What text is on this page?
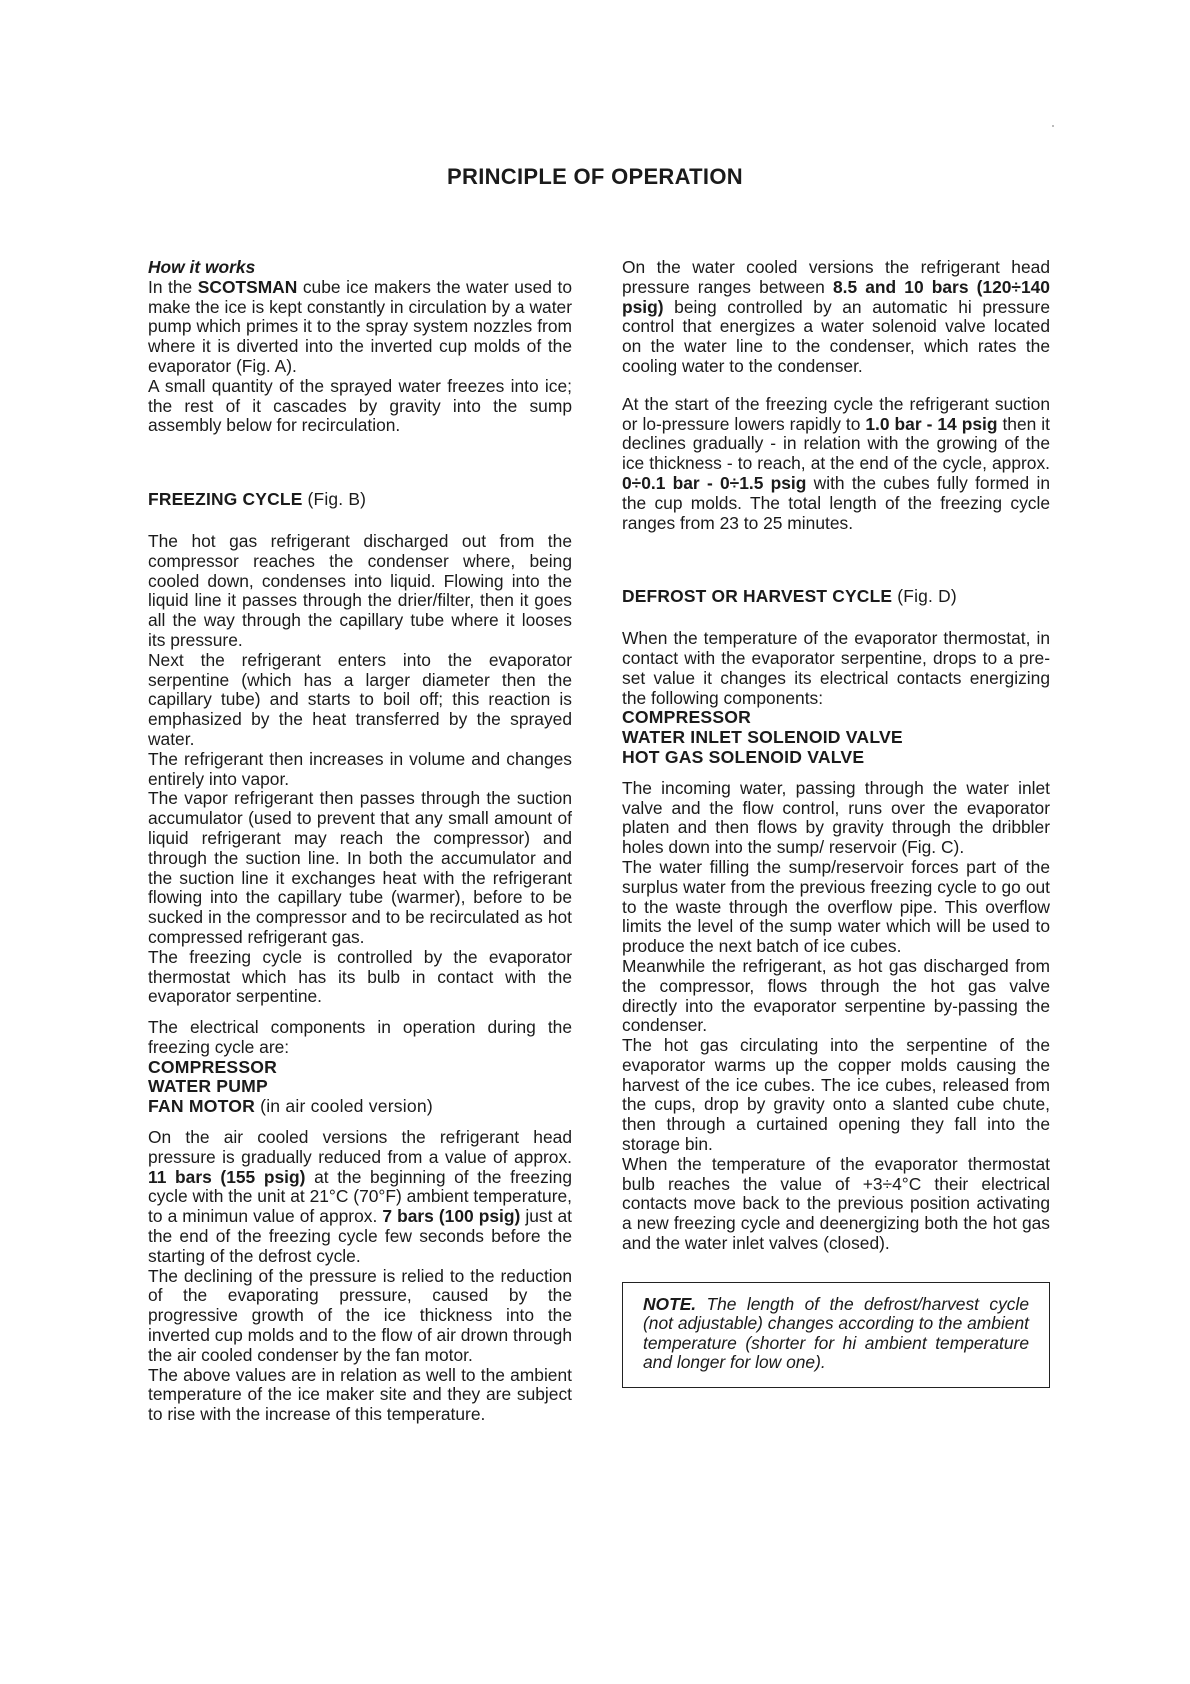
PRINCIPLE OF OPERATION

How it works

In the SCOTSMAN cube ice makers the water used to make the ice is kept constantly in circulation by a water pump which primes it to the spray system nozzles from where it is diverted into the inverted cup molds of the evaporator (Fig. A).

A small quantity of the sprayed water freezes into ice; the rest of it cascades by gravity into the sump assembly below for recirculation.

FREEZING CYCLE (Fig. B)

The hot gas refrigerant discharged out from the compressor reaches the condenser where, being cooled down, condenses into liquid. Flowing into the liquid line it passes through the drier/filter, then it goes all the way through the capillary tube where it looses its pressure.

Next the refrigerant enters into the evaporator serpentine (which has a larger diameter then the capillary tube) and starts to boil off; this reaction is emphasized by the heat transferred by the sprayed water.

The refrigerant then increases in volume and changes entirely into vapor.

The vapor refrigerant then passes through the suction accumulator (used to prevent that any small amount of liquid refrigerant may reach the compressor) and through the suction line. In both the accumulator and the suction line it exchanges heat with the refrigerant flowing into the capillary tube (warmer), before to be sucked in the compressor and to be recirculated as hot compressed refrigerant gas.

The freezing cycle is controlled by the evaporator thermostat which has its bulb in contact with the evaporator serpentine.

The electrical components in operation during the freezing cycle are:

COMPRESSOR

WATER PUMP

FAN MOTOR (in air cooled version)

On the air cooled versions the refrigerant head pressure is gradually reduced from a value of approx. 11 bars (155 psig) at the beginning of the freezing cycle with the unit at 21°C (70°F) ambient temperature, to a minimun value of approx. 7 bars (100 psig) just at the end of the freezing cycle few seconds before the starting of the defrost cycle.

The declining of the pressure is relied to the reduction of the evaporating pressure, caused by the progressive growth of the ice thickness into the inverted cup molds and to the flow of air drown through the air cooled condenser by the fan motor.

The above values are in relation as well to the ambient temperature of the ice maker site and they are subject to rise with the increase of this temperature.

On the water cooled versions the refrigerant head pressure ranges between 8.5 and 10 bars (120÷140 psig) being controlled by an automatic hi pressure control that energizes a water solenoid valve located on the water line to the condenser, which rates the cooling water to the condenser.

At the start of the freezing cycle the refrigerant suction or lo-pressure lowers rapidly to 1.0 bar - 14 psig then it declines gradually - in relation with the growing of the ice thickness - to reach, at the end of the cycle, approx. 0÷0.1 bar - 0÷1.5 psig with the cubes fully formed in the cup molds. The total length of the freezing cycle ranges from 23 to 25 minutes.

DEFROST OR HARVEST CYCLE (Fig. D)

When the temperature of the evaporator thermostat, in contact with the evaporator serpentine, drops to a pre-set value it changes its electrical contacts energizing the following components:

COMPRESSOR

WATER INLET SOLENOID VALVE

HOT GAS SOLENOID VALVE

The incoming water, passing through the water inlet valve and the flow control, runs over the evaporator platen and then flows by gravity through the dribbler holes down into the sump/ reservoir (Fig. C).

The water filling the sump/reservoir forces part of the surplus water from the previous freezing cycle to go out to the waste through the overflow pipe. This overflow limits the level of the sump water which will be used to produce the next batch of ice cubes.

Meanwhile the refrigerant, as hot gas discharged from the compressor, flows through the hot gas valve directly into the evaporator serpentine by-passing the condenser.

The hot gas circulating into the serpentine of the evaporator warms up the copper molds causing the harvest of the ice cubes. The ice cubes, released from the cups, drop by gravity onto a slanted cube chute, then through a curtained opening they fall into the storage bin.

When the temperature of the evaporator thermostat bulb reaches the value of +3÷4°C their electrical contacts move back to the previous position activating a new freezing cycle and deenergizing both the hot gas and the water inlet valves (closed).

NOTE. The length of the defrost/harvest cycle (not adjustable) changes according to the ambient temperature (shorter for hi ambient temperature and longer for low one).
